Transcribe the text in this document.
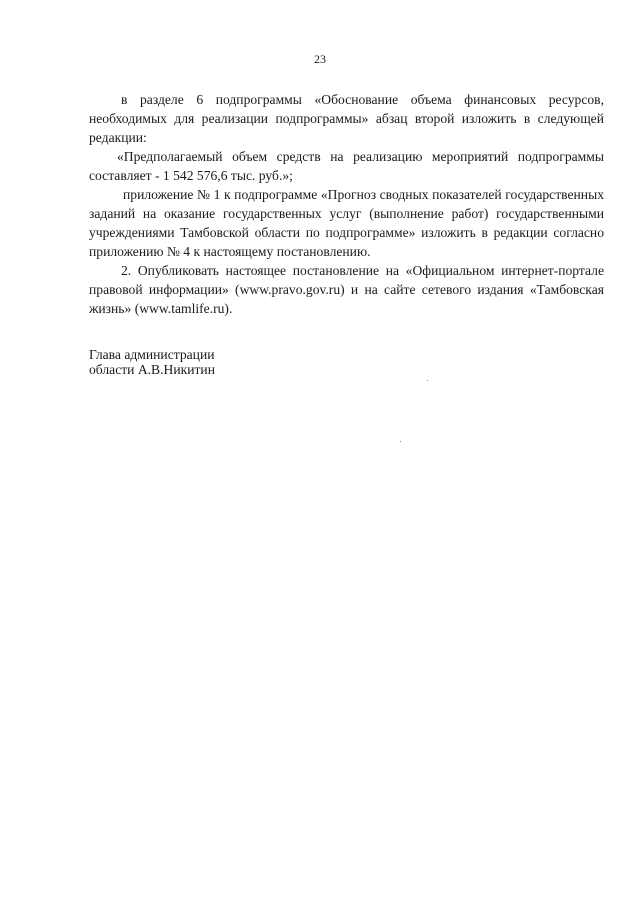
23

в разделе 6 подпрограммы «Обоснование объема финансовых ресурсов, необходимых для реализации подпрограммы» абзац второй изложить в следующей редакции:

«Предполагаемый объем средств на реализацию мероприятий подпрограммы составляет - 1 542 576,6 тыс. руб.»;

приложение № 1 к подпрограмме «Прогноз сводных показателей государственных заданий на оказание государственных услуг (выполнение работ) государственными учреждениями Тамбовской области по подпрограмме» изложить в редакции согласно приложению № 4 к настоящему постановлению.

2. Опубликовать настоящее постановление на «Официальном интернет-портале правовой информации» (www.pravo.gov.ru) и на сайте сетевого издания «Тамбовская жизнь» (www.tamlife.ru).

Глава администрации
области А.В.Никитин
